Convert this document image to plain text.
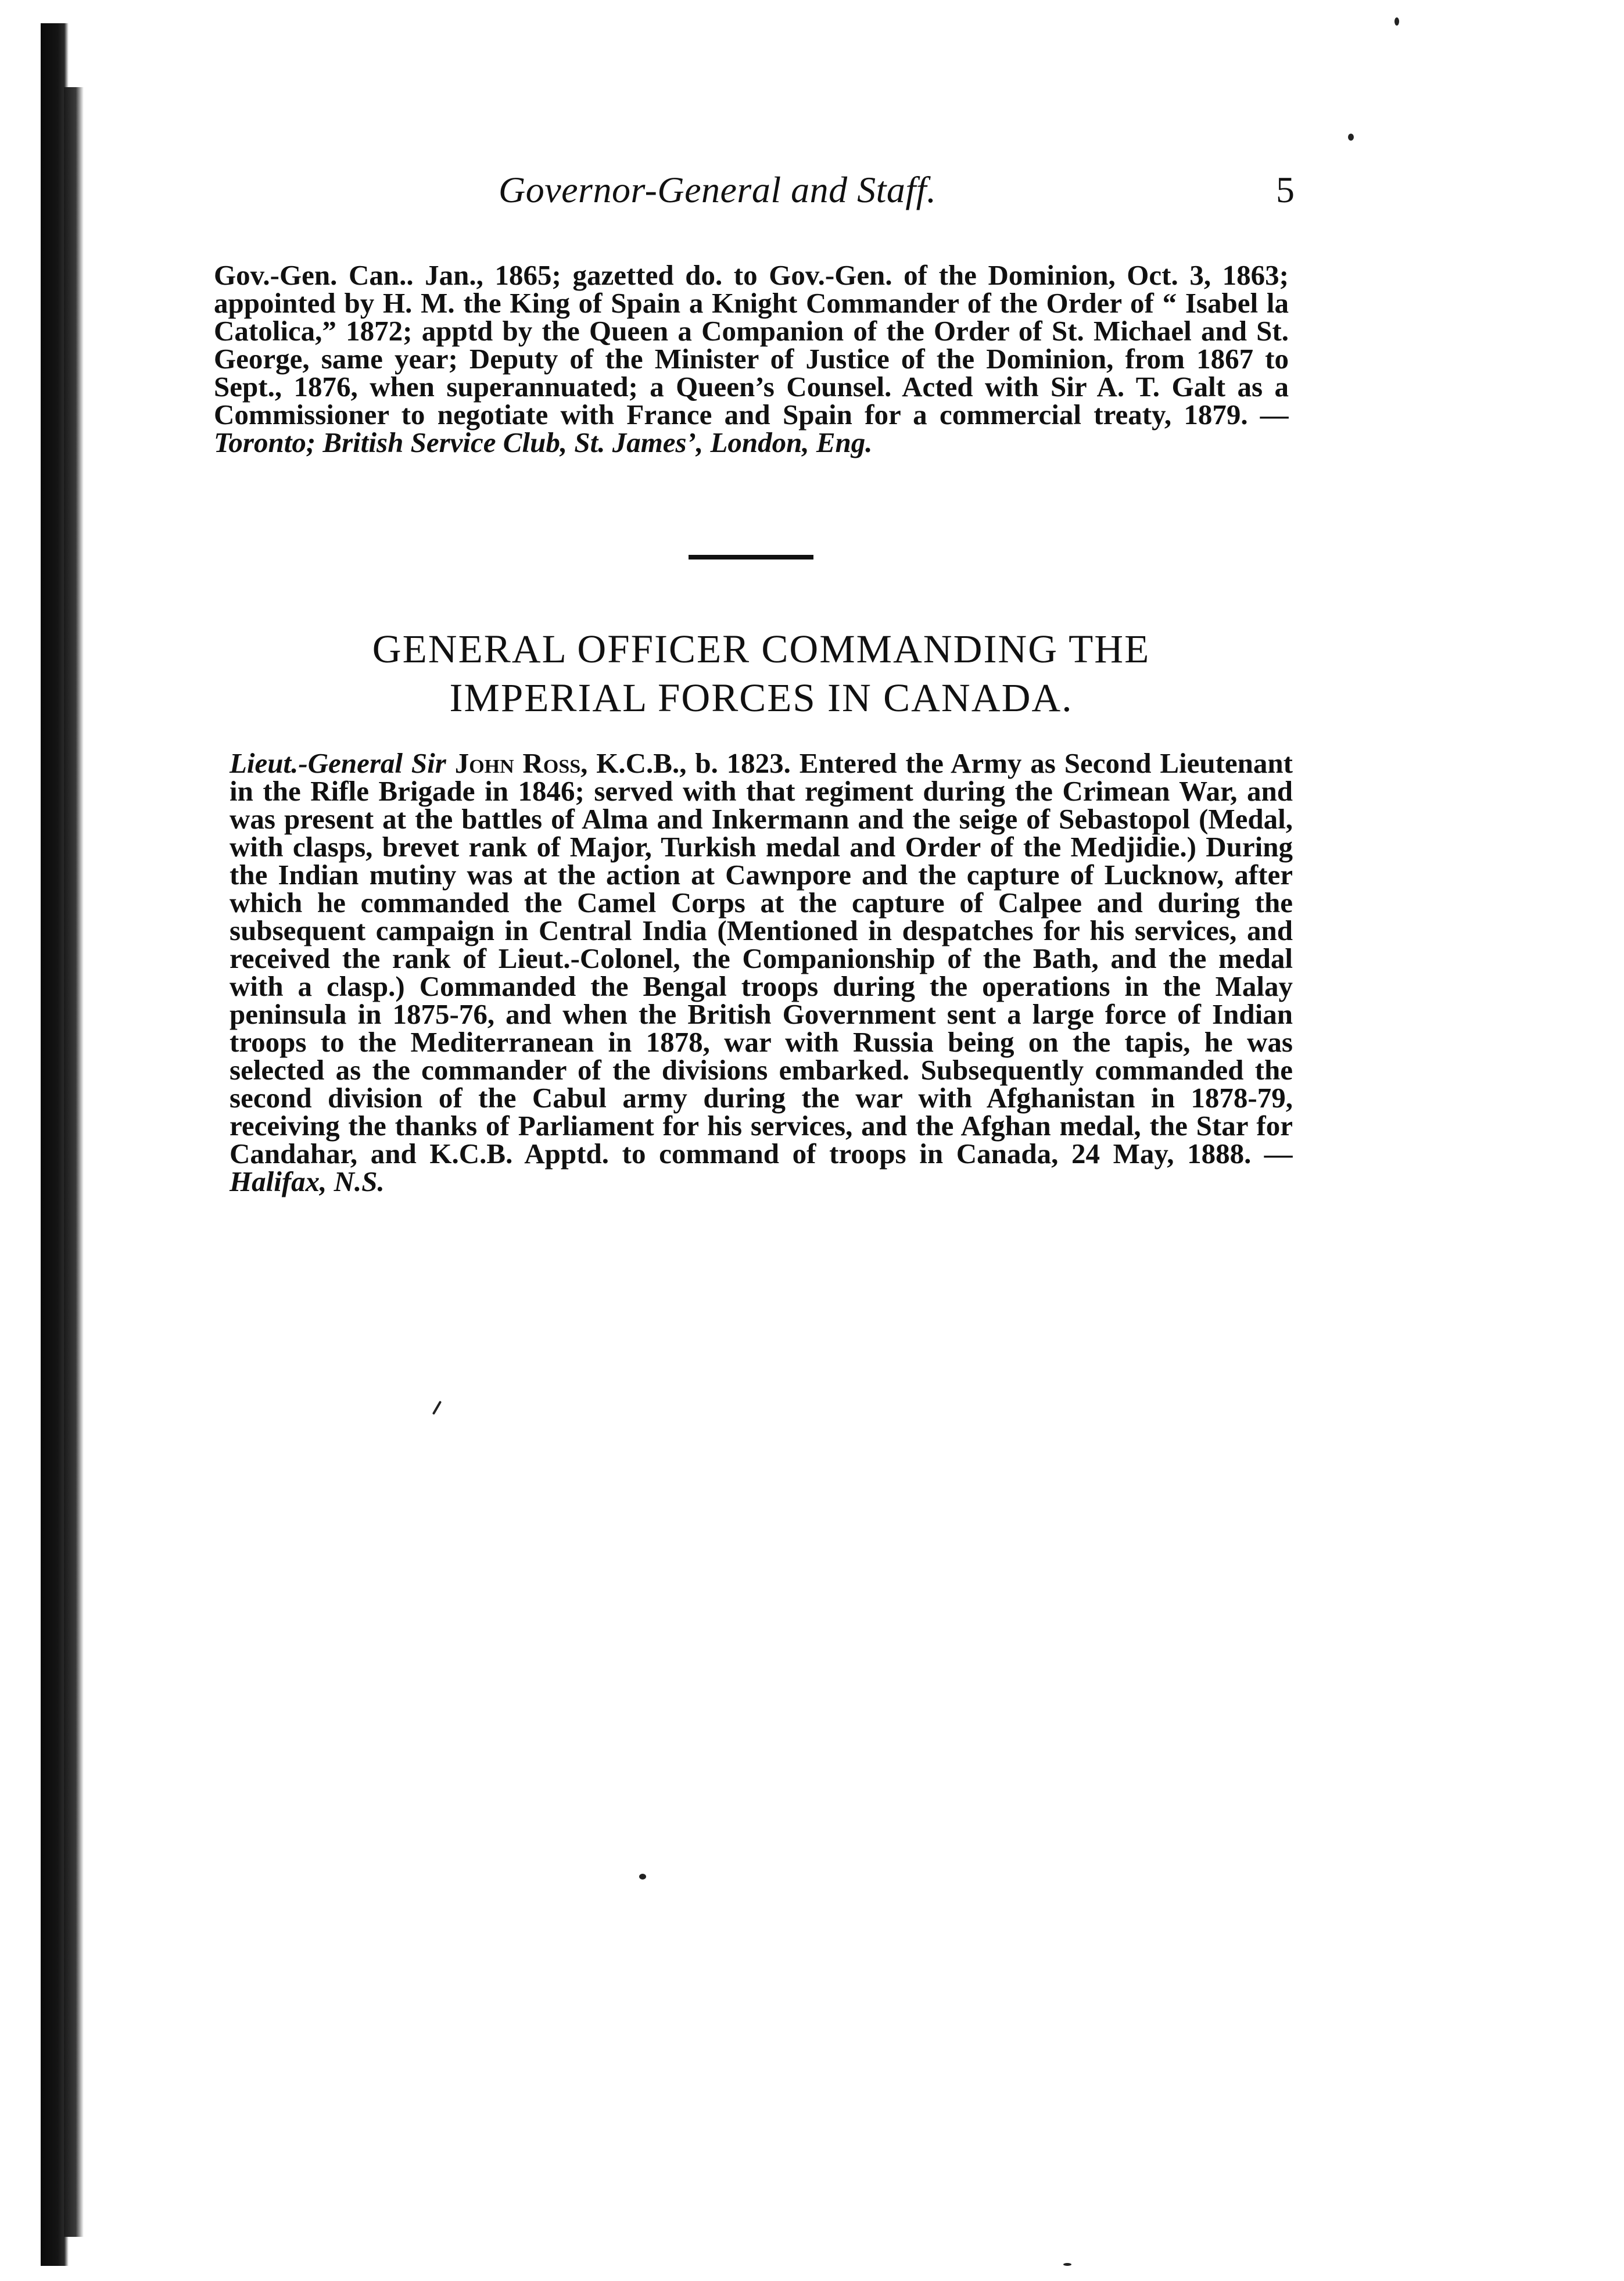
Governor-General and Staff.	5

Gov.-Gen. Can.. Jan., 1865; gazetted do. to Gov.-Gen. of the Dominion, Oct. 3, 1863; appointed by H. M. the King of Spain a Knight Commander of the Order of “ Isabel la Catolica,” 1872; apptd by the Queen a Companion of the Order of St. Michael and St. George, same year; Deputy of the Minister of Justice of the Dominion, from 1867 to Sept., 1876, when superannuated; a Queen’s Counsel. Acted with Sir A. T. Galt as a Commissioner to negotiate with France and Spain for a commercial treaty, 1879. —Toronto; British Service Club, St. James’, London, Eng.

GENERAL OFFICER COMMANDING THE
IMPERIAL FORCES IN CANADA.

Lieut.-General Sir John Ross, K.C.B., b. 1823. Entered the Army as Second Lieutenant in the Rifle Brigade in 1846; served with that regiment during the Crimean War, and was present at the battles of Alma and Inkermann and the seige of Sebastopol (Medal, with clasps, brevet rank of Major, Turkish medal and Order of the Medjidie.) During the Indian mutiny was at the action at Cawnpore and the capture of Lucknow, after which he commanded the Camel Corps at the capture of Calpee and during the subsequent campaign in Central India (Mentioned in despatches for his services, and received the rank of Lieut.-Colonel, the Companionship of the Bath, and the medal with a clasp.) Commanded the Bengal troops during the operations in the Malay peninsula in 1875-76, and when the British Government sent a large force of Indian troops to the Mediterranean in 1878, war with Russia being on the tapis, he was selected as the commander of the divisions embarked. Subsequently commanded the second division of the Cabul army during the war with Afghanistan in 1878-79, receiving the thanks of Parliament for his services, and the Afghan medal, the Star for Candahar, and K.C.B. Apptd. to command of troops in Canada, 24 May, 1888. —Halifax, N.S.
